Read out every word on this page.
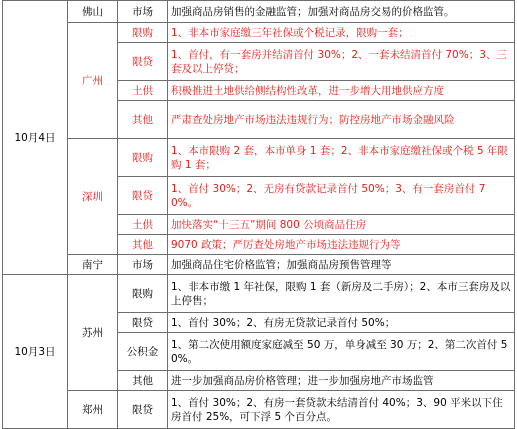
10月4日	佛山	市场	加强商品房销售的金融监管；加强对商品房交易的价格监管。
	广州	限购	1、非本市家庭缴三年社保或个税记录，限购一套；
		限贷	1、首付，有一套房并结清首付 30%；2、一套未结清首付 70%；3、三套及以上停贷；
		土供	积极推进土地供给侧结构性改革，进一步增大用地供应方度
		其他	严肃查处房地产市场违法违规行为；防控房地产市场金融风险
	深圳	限购	1、本市限购 2 套，本市单身 1 套；2、非本市家庭缴社保或个税 5 年限购 1 套；
		限贷	1、首付 30%；2、无房有贷款记录首付 50%；3、有一套房首付 70%。
		土供	加快落实“十三五”期间 800 公顷商品住房
		其他	9070 政策；严厉查处房地产市场违法违规行为等
	南宁	市场	加强商品住宅价格监管；加强商品房预售管理等
10月3日	苏州	限购	1、非本市缴 1 年社保，限购 1 套（新房及二手房）；2、本市三套房及以上停售；
		限贷	1、首付 30%；2、有房无贷款记录首付 50%；
		公积金	1、第二次使用额度家庭减至 50 万，单身减至 30 万；2、第二次首付 50%。
		其他	进一步加强商品房价格管理；进一步加强房地产市场监管
	郑州	限贷	1、首付 30%；2、有房一套贷款未结清首付 40%；3、90 平米以下住房首付 25%，可下浮 5 个百分点。
